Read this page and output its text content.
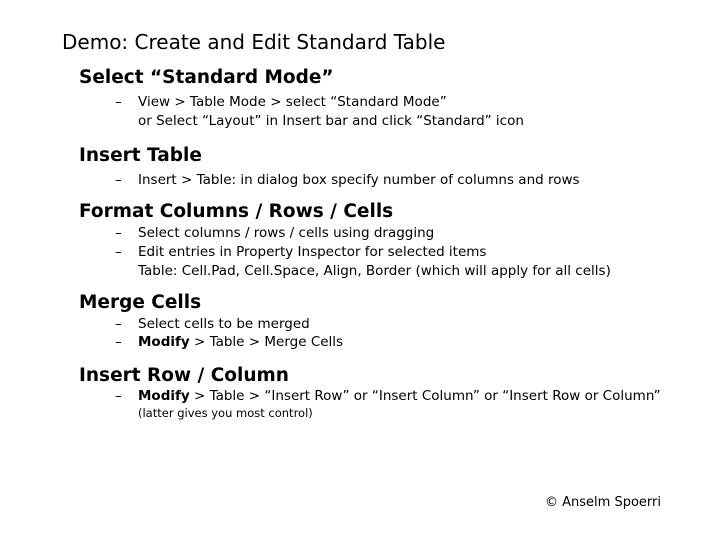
Demo: Create and Edit Standard Table
Select “Standard Mode”
– View > Table Mode > select “Standard Mode”
or Select “Layout” in Insert bar and click “Standard” icon
Insert Table
– Insert > Table: in dialog box specify number of columns and rows
Format Columns / Rows / Cells
– Select columns / rows / cells using dragging
– Edit entries in Property Inspector for selected items
Table: Cell.Pad, Cell.Space, Align, Border (which will apply for all cells)
Merge Cells
– Select cells to be merged
– Modify > Table > Merge Cells
Insert Row / Column
– Modify > Table > “Insert Row” or “Insert Column” or “Insert Row or Column”
(latter gives you most control)
© Anselm Spoerri
